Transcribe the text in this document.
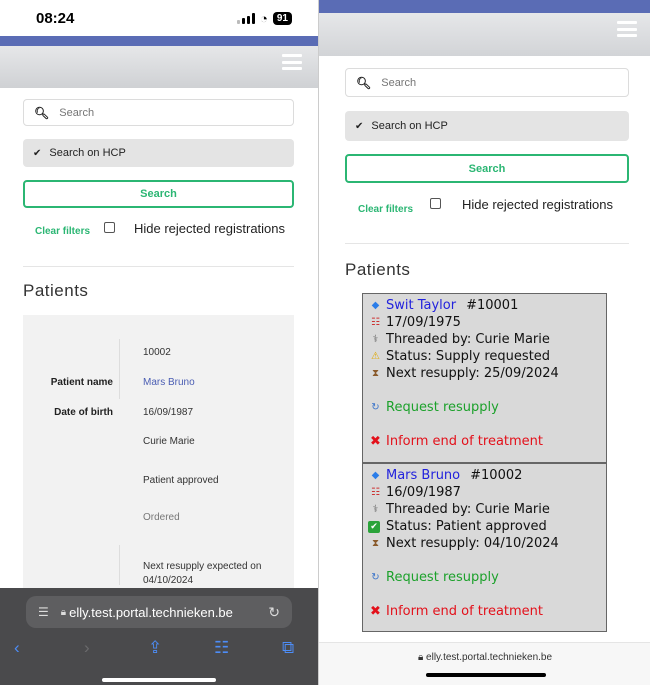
08:24	◔ 91
🔍︎
Search
✔︎ Search on HCP
Search
Clear filters	Hide rejected registrations
Patients
10002
Patient name	Mars Bruno
Date of birth	16/09/1987
Curie Marie
Patient approved
Ordered
Next resupply expected on 04/10/2024
☰ 🔒︎ elly.test.portal.technieken.be	↻
‹	›	⇪	☷	⧉
🔍︎
Search
✔︎ Search on HCP
Search
Clear filters	Hide rejected registrations
Patients
◆ Swit Taylor #10001
☷ 17/09/1975
⚕ Threaded by: Curie Marie
⚠ Status: Supply requested
⧗ Next resupply: 25/09/2024
↻ Request resupply
✖ Inform end of treatment
◆ Mars Bruno #10002
☷ 16/09/1987
⚕ Threaded by: Curie Marie
✔ Status: Patient approved
⧗ Next resupply: 04/10/2024
↻ Request resupply
✖ Inform end of treatment
🔒︎ elly.test.portal.technieken.be
